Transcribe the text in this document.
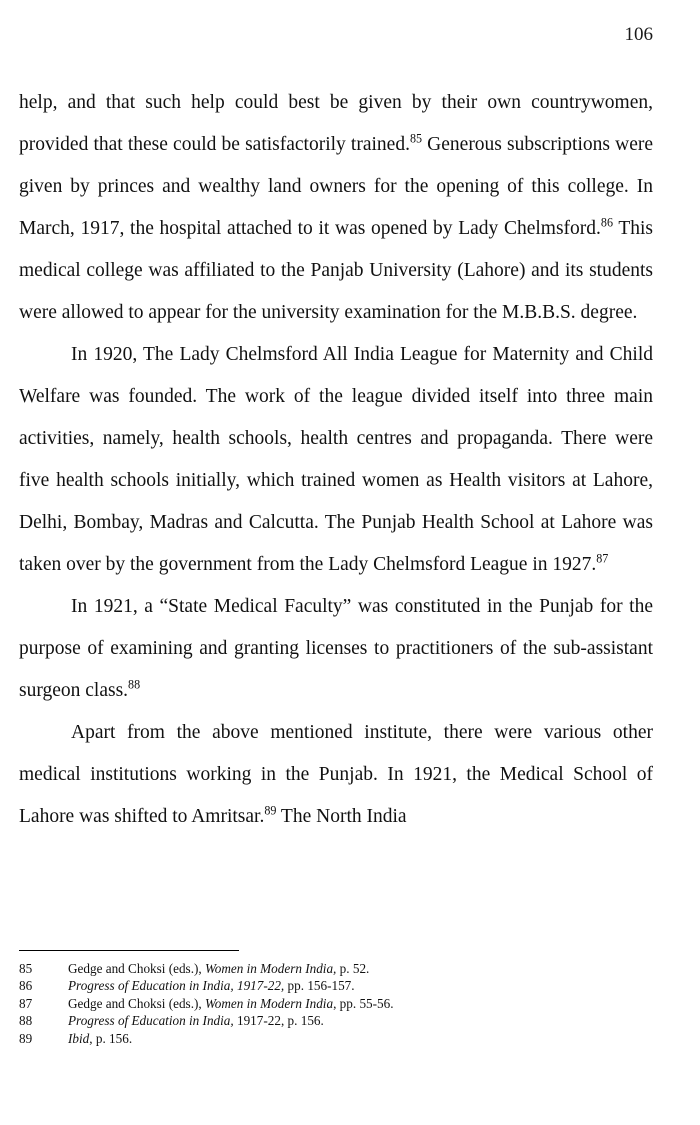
106

help, and that such help could best be given by their own countrywomen, provided that these could be satisfactorily trained.$^{85}$ Generous subscriptions were given by princes and wealthy land owners for the opening of this college. In March, 1917, the hospital attached to it was opened by Lady Chelmsford.$^{86}$ This medical college was affiliated to the Panjab University (Lahore) and its students were allowed to appear for the university examination for the M.B.B.S. degree.

In 1920, The Lady Chelmsford All India League for Maternity and Child Welfare was founded. The work of the league divided itself into three main activities, namely, health schools, health centres and propaganda. There were five health schools initially, which trained women as Health visitors at Lahore, Delhi, Bombay, Madras and Calcutta. The Punjab Health School at Lahore was taken over by the government from the Lady Chelmsford League in 1927.87

In 1921, a “State Medical Faculty” was constituted in the Punjab for the purpose of examining and granting licenses to practitioners of the sub-assistant surgeon class.$^{88}$

Apart from the above mentioned institute, there were various other medical institutions working in the Punjab. In 1921, the Medical School of Lahore was shifted to Amritsar.$^{89}$ The North India

85	Gedge and Choksi (eds.), Women in Modern India, p. 52.
86	Progress of Education in India, 1917-22, pp. 156-157.
87	Gedge and Choksi (eds.), Women in Modern India, pp. 55-56.
88	Progress of Education in India, 1917-22, p. 156.
89	Ibid, p. 156.
